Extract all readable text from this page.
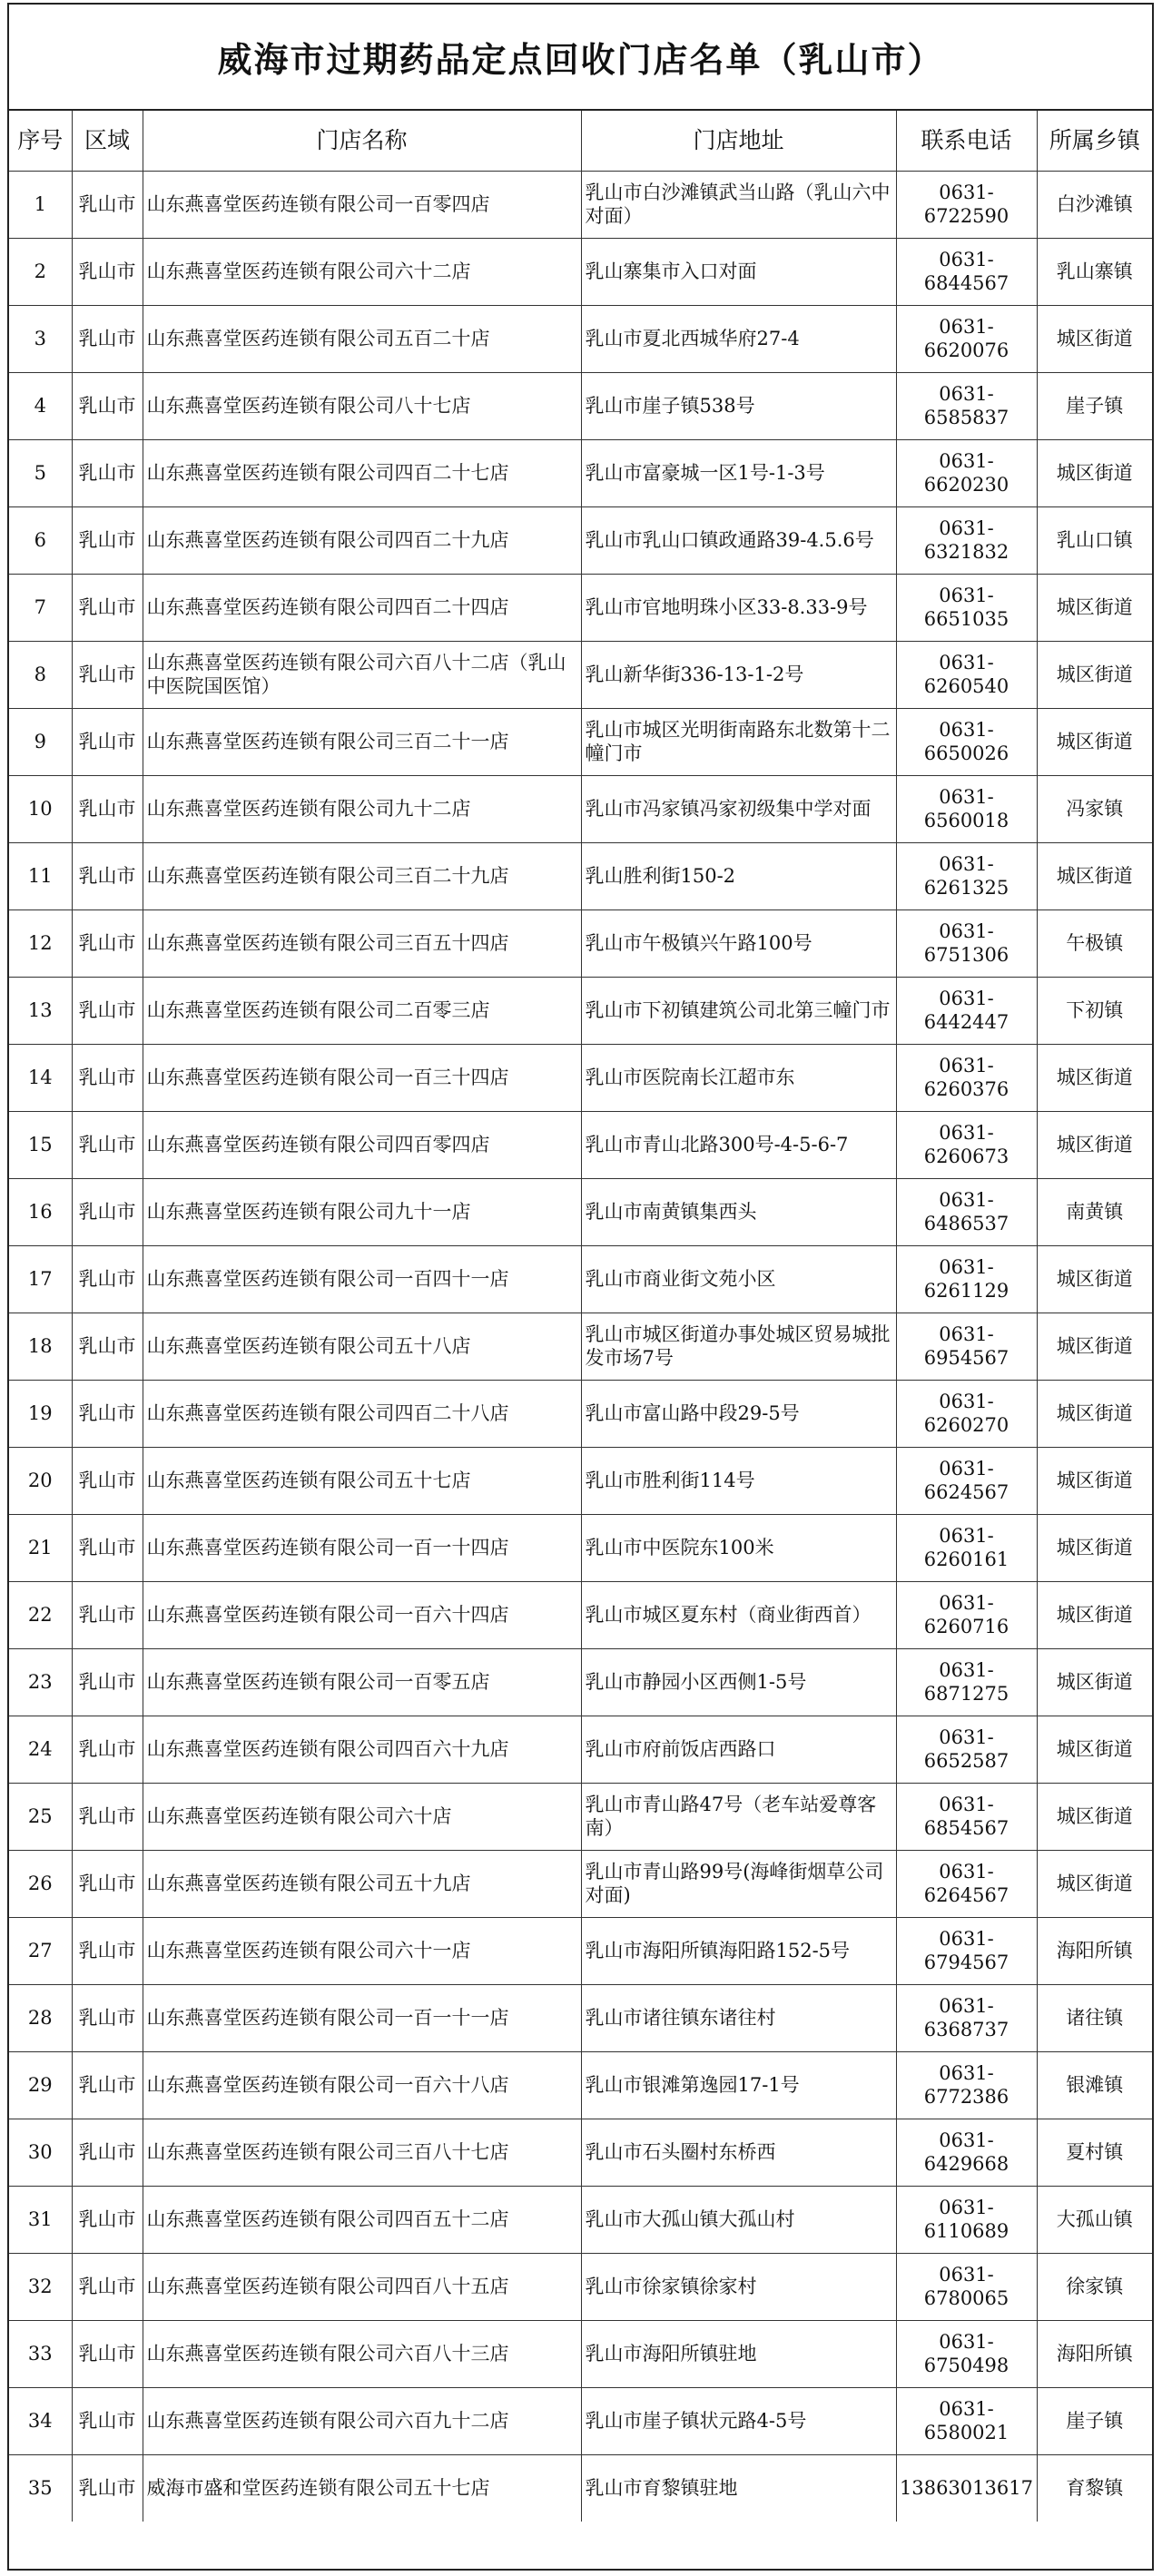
威海市过期药品定点回收门店名单（乳山市）
序号	区域	门店名称	门店地址	联系电话	所属乡镇
1	乳山市	山东燕喜堂医药连锁有限公司一百零四店	乳山市白沙滩镇武当山路（乳山六中对面）	0631-6722590	白沙滩镇
2	乳山市	山东燕喜堂医药连锁有限公司六十二店	乳山寨集市入口对面	0631-6844567	乳山寨镇
3	乳山市	山东燕喜堂医药连锁有限公司五百二十店	乳山市夏北西城华府27-4	0631-6620076	城区街道
4	乳山市	山东燕喜堂医药连锁有限公司八十七店	乳山市崖子镇538号	0631-6585837	崖子镇
5	乳山市	山东燕喜堂医药连锁有限公司四百二十七店	乳山市富豪城一区1号-1-3号	0631-6620230	城区街道
6	乳山市	山东燕喜堂医药连锁有限公司四百二十九店	乳山市乳山口镇政通路39-4.5.6号	0631-6321832	乳山口镇
7	乳山市	山东燕喜堂医药连锁有限公司四百二十四店	乳山市官地明珠小区33-8.33-9号	0631-6651035	城区街道
8	乳山市	山东燕喜堂医药连锁有限公司六百八十二店（乳山中医院国医馆）	乳山新华街336-13-1-2号	0631-6260540	城区街道
9	乳山市	山东燕喜堂医药连锁有限公司三百二十一店	乳山市城区光明街南路东北数第十二幢门市	0631-6650026	城区街道
10	乳山市	山东燕喜堂医药连锁有限公司九十二店	乳山市冯家镇冯家初级集中学对面	0631-6560018	冯家镇
11	乳山市	山东燕喜堂医药连锁有限公司三百二十九店	乳山胜利街150-2	0631-6261325	城区街道
12	乳山市	山东燕喜堂医药连锁有限公司三百五十四店	乳山市午极镇兴午路100号	0631-6751306	午极镇
13	乳山市	山东燕喜堂医药连锁有限公司二百零三店	乳山市下初镇建筑公司北第三幢门市	0631-6442447	下初镇
14	乳山市	山东燕喜堂医药连锁有限公司一百三十四店	乳山市医院南长江超市东	0631-6260376	城区街道
15	乳山市	山东燕喜堂医药连锁有限公司四百零四店	乳山市青山北路300号-4-5-6-7	0631-6260673	城区街道
16	乳山市	山东燕喜堂医药连锁有限公司九十一店	乳山市南黄镇集西头	0631-6486537	南黄镇
17	乳山市	山东燕喜堂医药连锁有限公司一百四十一店	乳山市商业街文苑小区	0631-6261129	城区街道
18	乳山市	山东燕喜堂医药连锁有限公司五十八店	乳山市城区街道办事处城区贸易城批发市场7号	0631-6954567	城区街道
19	乳山市	山东燕喜堂医药连锁有限公司四百二十八店	乳山市富山路中段29-5号	0631-6260270	城区街道
20	乳山市	山东燕喜堂医药连锁有限公司五十七店	乳山市胜利街114号	0631-6624567	城区街道
21	乳山市	山东燕喜堂医药连锁有限公司一百一十四店	乳山市中医院东100米	0631-6260161	城区街道
22	乳山市	山东燕喜堂医药连锁有限公司一百六十四店	乳山市城区夏东村（商业街西首）	0631-6260716	城区街道
23	乳山市	山东燕喜堂医药连锁有限公司一百零五店	乳山市静园小区西侧1-5号	0631-6871275	城区街道
24	乳山市	山东燕喜堂医药连锁有限公司四百六十九店	乳山市府前饭店西路口	0631-6652587	城区街道
25	乳山市	山东燕喜堂医药连锁有限公司六十店	乳山市青山路47号（老车站爱尊客南）	0631-6854567	城区街道
26	乳山市	山东燕喜堂医药连锁有限公司五十九店	乳山市青山路99号(海峰街烟草公司对面)	0631-6264567	城区街道
27	乳山市	山东燕喜堂医药连锁有限公司六十一店	乳山市海阳所镇海阳路152-5号	0631-6794567	海阳所镇
28	乳山市	山东燕喜堂医药连锁有限公司一百一十一店	乳山市诸往镇东诸往村	0631-6368737	诸往镇
29	乳山市	山东燕喜堂医药连锁有限公司一百六十八店	乳山市银滩第逸园17-1号	0631-6772386	银滩镇
30	乳山市	山东燕喜堂医药连锁有限公司三百八十七店	乳山市石头圈村东桥西	0631-6429668	夏村镇
31	乳山市	山东燕喜堂医药连锁有限公司四百五十二店	乳山市大孤山镇大孤山村	0631-6110689	大孤山镇
32	乳山市	山东燕喜堂医药连锁有限公司四百八十五店	乳山市徐家镇徐家村	0631-6780065	徐家镇
33	乳山市	山东燕喜堂医药连锁有限公司六百八十三店	乳山市海阳所镇驻地	0631-6750498	海阳所镇
34	乳山市	山东燕喜堂医药连锁有限公司六百九十二店	乳山市崖子镇状元路4-5号	0631-6580021	崖子镇
35	乳山市	威海市盛和堂医药连锁有限公司五十七店	乳山市育黎镇驻地	13863013617	育黎镇
